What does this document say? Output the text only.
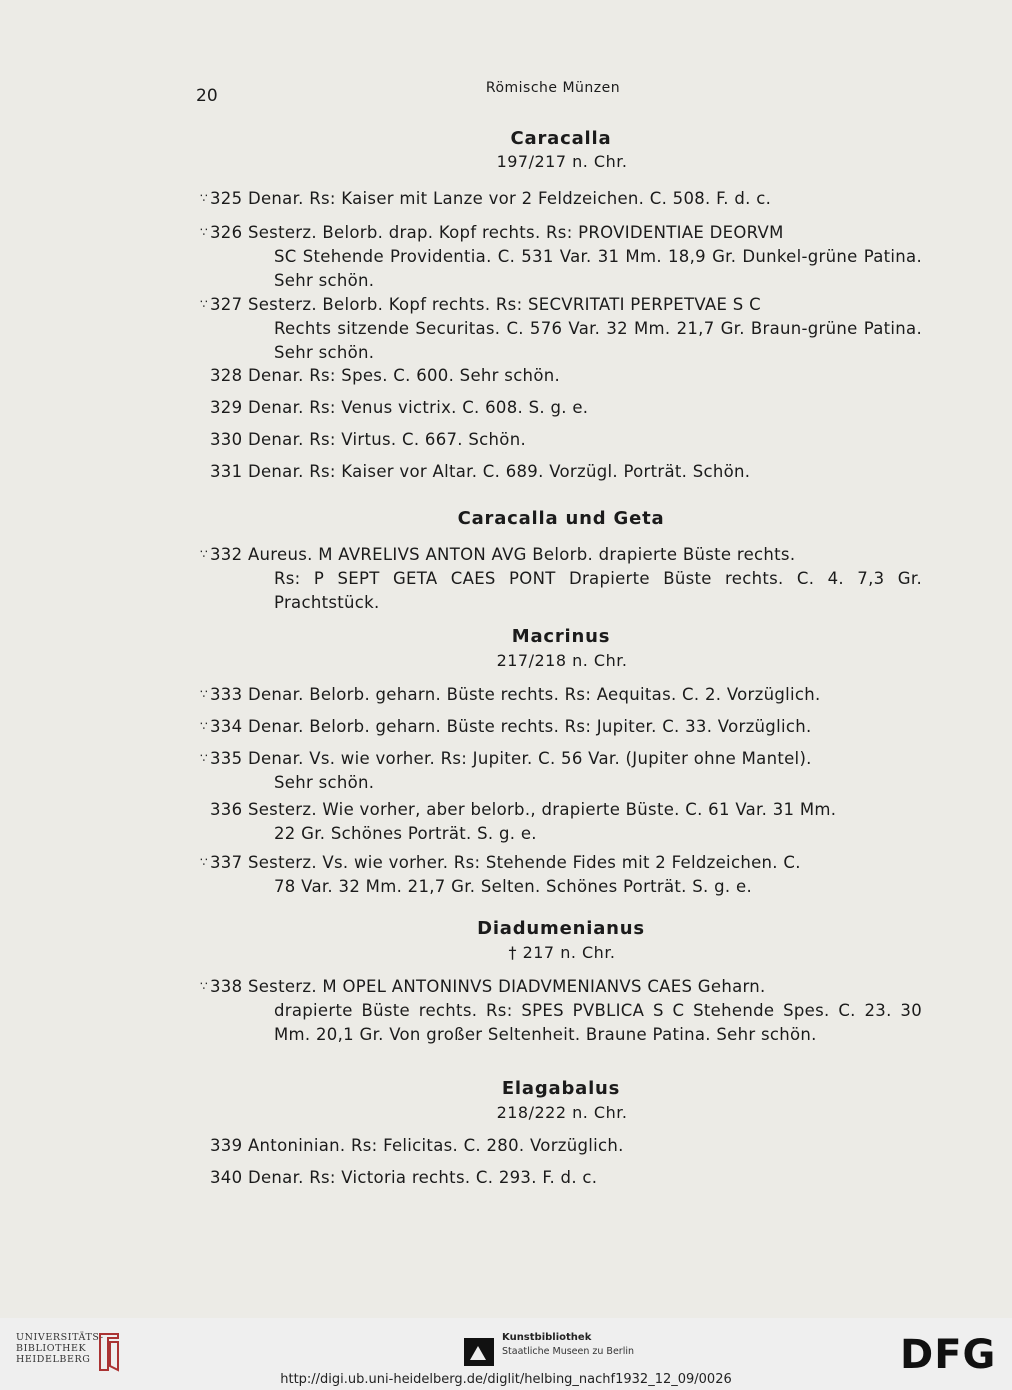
20	Römische Münzen
Caracalla
197/217 n. Chr.
∵ 325 Denar. Rs: Kaiser mit Lanze vor 2 Feldzeichen. C. 508. F. d. c.
∵ 326 Sesterz. Belorb. drap. Kopf rechts. Rs: PROVIDENTIAE DEORVM
SC Stehende Providentia. C. 531 Var. 31 Mm. 18,9 Gr. Dunkel-grüne Patina. Sehr schön.
∵ 327 Sesterz. Belorb. Kopf rechts. Rs: SECVRITATI PERPETVAE S C
Rechts sitzende Securitas. C. 576 Var. 32 Mm. 21,7 Gr. Braun-grüne Patina. Sehr schön.
328 Denar. Rs: Spes. C. 600. Sehr schön.
329 Denar. Rs: Venus victrix. C. 608. S. g. e.
330 Denar. Rs: Virtus. C. 667. Schön.
331 Denar. Rs: Kaiser vor Altar. C. 689. Vorzügl. Porträt. Schön.
Caracalla und Geta
∵ 332 Aureus. M AVRELIVS ANTON AVG Belorb. drapierte Büste rechts.
Rs: P SEPT GETA CAES PONT Drapierte Büste rechts. C. 4. 7,3 Gr. Prachtstück.
Macrinus
217/218 n. Chr.
∵ 333 Denar. Belorb. geharn. Büste rechts. Rs: Aequitas. C. 2. Vorzüglich.
∵ 334 Denar. Belorb. geharn. Büste rechts. Rs: Jupiter. C. 33. Vorzüglich.
∵ 335 Denar. Vs. wie vorher. Rs: Jupiter. C. 56 Var. (Jupiter ohne Mantel).
Sehr schön.
336 Sesterz. Wie vorher, aber belorb., drapierte Büste. C. 61 Var. 31 Mm.
22 Gr. Schönes Porträt. S. g. e.
∵ 337 Sesterz. Vs. wie vorher. Rs: Stehende Fides mit 2 Feldzeichen. C.
78 Var. 32 Mm. 21,7 Gr. Selten. Schönes Porträt. S. g. e.
Diadumenianus
† 217 n. Chr.
∵ 338 Sesterz. M OPEL ANTONINVS DIADVMENIANVS CAES Geharn.
drapierte Büste rechts. Rs: SPES PVBLICA S C Stehende Spes. C. 23. 30 Mm. 20,1 Gr. Von großer Seltenheit. Braune Patina. Sehr schön.
Elagabalus
218/222 n. Chr.
339 Antoninian. Rs: Felicitas. C. 280. Vorzüglich.
340 Denar. Rs: Victoria rechts. C. 293. F. d. c.
UNIVERSITÄTS-
BIBLIOTHEK
HEIDELBERG
Kunstbibliothek
Staatliche Museen zu Berlin	DFG
http://digi.ub.uni-heidelberg.de/diglit/helbing_nachf1932_12_09/0026
